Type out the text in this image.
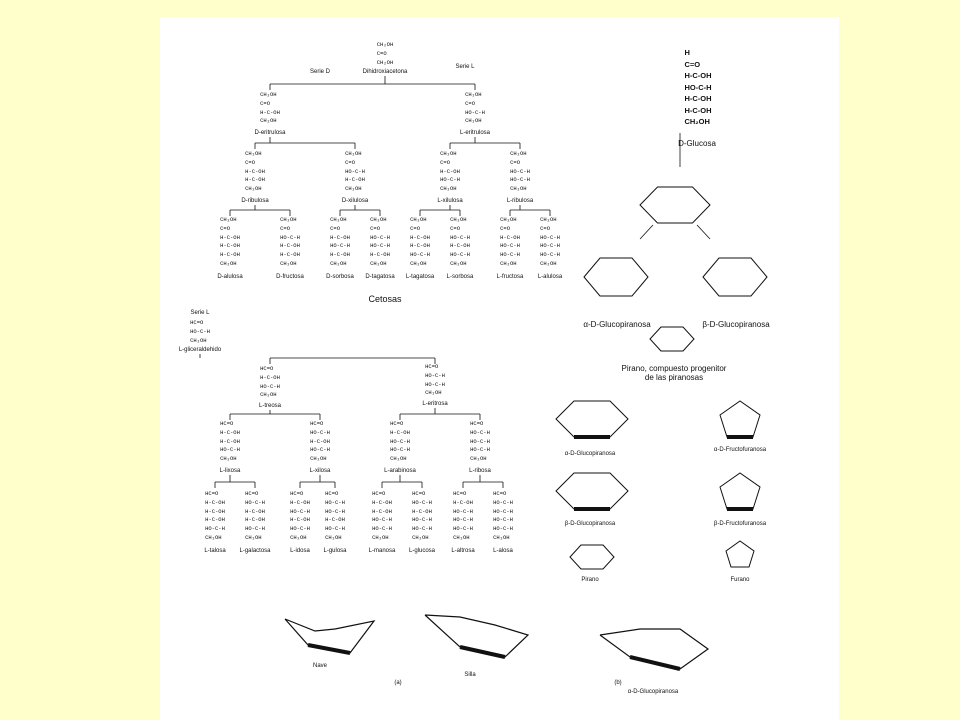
CH₂OH
C=O
CH₂OH
Dihidroxiacetona
Serie D
Serie L
CH₂OH
C=O
H-C-OH
CH₂OH
D-eritrulosa
CH₂OH
C=O
HO-C-H
CH₂OH
L-eritrulosa
CH₂OH
C=O
H-C-OH
H-C-OH
CH₂OH
D-ribulosa
CH₂OH
C=O
HO-C-H
H-C-OH
CH₂OH
D-xilulosa
CH₂OH
C=O
H-C-OH
HO-C-H
CH₂OH
L-xilulosa
CH₂OH
C=O
HO-C-H
HO-C-H
CH₂OH
L-ribulosa
CH₂OH
C=O
H-C-OH
H-C-OH
H-C-OH
CH₂OH
D-alulosa
CH₂OH
C=O
HO-C-H
H-C-OH
H-C-OH
CH₂OH
D-fructosa
CH₂OH
C=O
H-C-OH
HO-C-H
H-C-OH
CH₂OH
D-sorbosa
CH₂OH
C=O
HO-C-H
HO-C-H
H-C-OH
CH₂OH
D-tagatosa
CH₂OH
C=O
H-C-OH
H-C-OH
HO-C-H
CH₂OH
L-tagatosa
CH₂OH
C=O
HO-C-H
H-C-OH
HO-C-H
CH₂OH
L-sorbosa
CH₂OH
C=O
H-C-OH
HO-C-H
HO-C-H
CH₂OH
L-fructosa
CH₂OH
C=O
HO-C-H
HO-C-H
HO-C-H
CH₂OH
L-alulosa
Cetosas
Serie L
HC=O
HO-C-H
CH₂OH
L-gliceraldehido
HC=O
H-C-OH
HO-C-H
CH₂OH
L-treosa
HC=O
HO-C-H
HO-C-H
CH₂OH
L-eritrosa
HC=O
H-C-OH
H-C-OH
HO-C-H
CH₂OH
L-lixosa
HC=O
HO-C-H
H-C-OH
HO-C-H
CH₂OH
L-xilosa
HC=O
H-C-OH
HO-C-H
HO-C-H
CH₂OH
L-arabinosa
HC=O
HO-C-H
HO-C-H
HO-C-H
CH₂OH
L-ribosa
HC=O
H-C-OH
H-C-OH
H-C-OH
HO-C-H
CH₂OH
L-talosa
HC=O
HO-C-H
H-C-OH
H-C-OH
HO-C-H
CH₂OH
L-galactosa
HC=O
H-C-OH
HO-C-H
H-C-OH
HO-C-H
CH₂OH
L-idosa
HC=O
HO-C-H
HO-C-H
H-C-OH
HO-C-H
CH₂OH
L-gulosa
HC=O
H-C-OH
H-C-OH
HO-C-H
HO-C-H
CH₂OH
L-manosa
HC=O
HO-C-H
H-C-OH
HO-C-H
HO-C-H
CH₂OH
L-glucosa
HC=O
H-C-OH
HO-C-H
HO-C-H
HO-C-H
CH₂OH
L-altrosa
HC=O
HO-C-H
HO-C-H
HO-C-H
HO-C-H
CH₂OH
L-alosa
H
C=O
H-C-OH
HO-C-H
H-C-OH
H-C-OH
CH₂OH
D-Glucosa
α-D-Glucopiranosa	β-D-Glucopiranosa
Pirano, compuesto progenitor
de las piranosas
α-D-Glucopiranosa
α-D-Fructofuranosa
β-D-Glucopiranosa	β-D-Fructofuranosa
Pirano	Furano
Nave
Silla
(a)	(b)
α-D-Glucopiranosa
